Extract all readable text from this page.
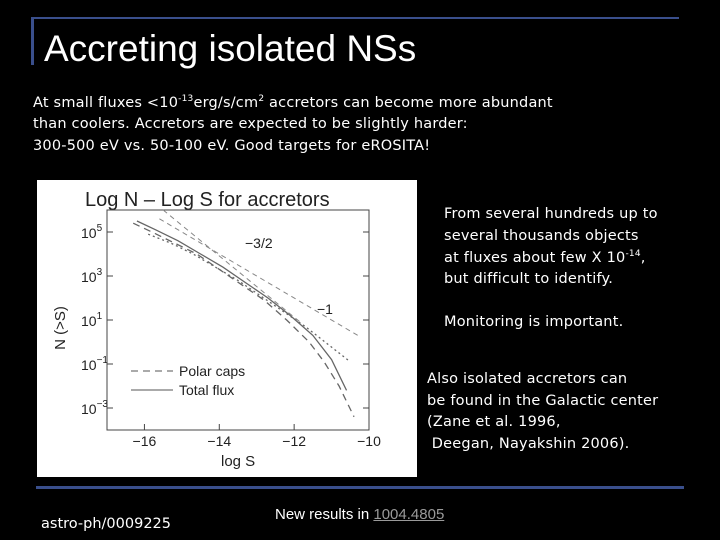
Accreting isolated NSs
At small fluxes $<10^{-13}erg/s/cm^2$ accretors can become more abundant
than coolers. Accretors are expected to be slightly harder:
300-500 eV vs. 50-100 eV. Good targets for eROSITA!
Log N – Log S for accretors
$10^5$
$10^3$
$10^1$
$10^{-1}$
$10^{-3}$
−16	−14	−12	−10
−3/2
−1
Polar caps
Total flux
log S
N (>S)
From several hundreds up to
several thousands objects
at fluxes about few X $10^{-14}$,
but difficult to identify.
Monitoring is important.
Also isolated accretors can
be found in the Galactic center
(Zane et al. 1996,
Deegan, Nayakshin 2006).
astro-ph/0009225
New results in 1004.4805
